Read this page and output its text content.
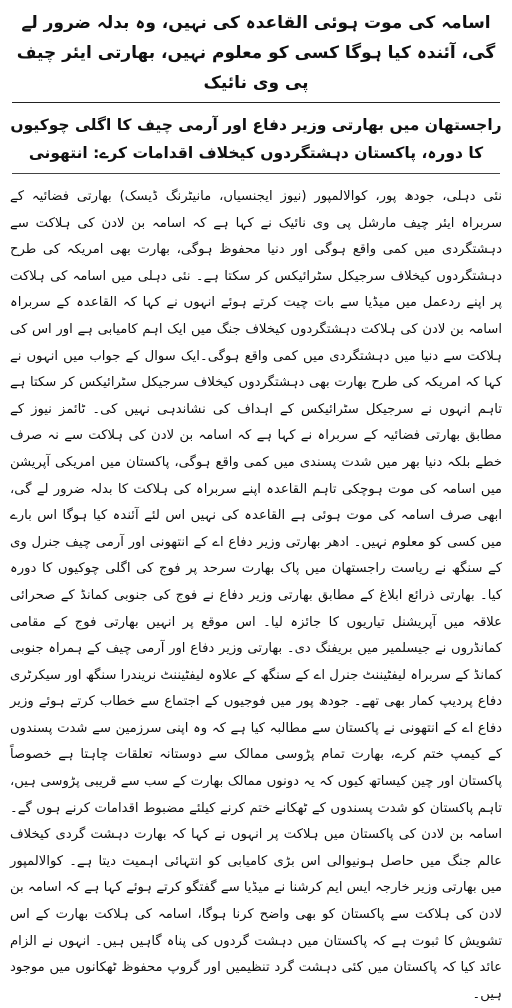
اسامہ کی موت ہوئی القاعدہ کی نہیں، وہ بدلہ ضرور لے گی، آئندہ کیا ہوگا کسی کو معلوم نہیں، بھارتی ایئر چیف پی وی نائیک
راجستھان میں بھارتی وزیر دفاع اور آرمی چیف کا اگلی چوکیوں کا دورہ، پاکستان دہشتگردوں کیخلاف اقدامات کرے: انتھونی

نئی دہلی، جودھ پور، کوالالمپور (نیوز ایجنسیاں، مانیٹرنگ ڈیسک) بھارتی فضائیہ کے سربراہ ایئر چیف مارشل پی وی نائیک نے کہا ہے کہ اسامہ بن لادن کی ہلاکت سے دہشتگردی میں کمی واقع ہوگی اور دنیا محفوظ ہوگی، بھارت بھی امریکہ کی طرح دہشتگردوں کیخلاف سرجیکل سٹرائیکس کر سکتا ہے۔ نئی دہلی میں اسامہ کی ہلاکت پر اپنے ردعمل میں میڈیا سے بات چیت کرتے ہوئے انہوں نے کہا کہ القاعدہ کے سربراہ اسامہ بن لادن کی ہلاکت دہشتگردوں کیخلاف جنگ میں ایک اہم کامیابی ہے اور اس کی ہلاکت سے دنیا میں دہشتگردی میں کمی واقع ہوگی۔ایک سوال کے جواب میں انہوں نے کہا کہ امریکہ کی طرح بھارت بھی دہشتگردوں کیخلاف سرجیکل سٹرائیکس کر سکتا ہے تاہم انہوں نے سرجیکل سٹرائیکس کے اہداف کی نشاندہی نہیں کی۔ ٹائمز نیوز کے مطابق بھارتی فضائیہ کے سربراہ نے کہا ہے کہ اسامہ بن لادن کی ہلاکت سے نہ صرف خطے بلکہ دنیا بھر میں شدت پسندی میں کمی واقع ہوگی، پاکستان میں امریکی آپریشن میں اسامہ کی موت ہوچکی تاہم القاعدہ اپنے سربراہ کی ہلاکت کا بدلہ ضرور لے گی، ابھی صرف اسامہ کی موت ہوئی ہے القاعدہ کی نہیں اس لئے آئندہ کیا ہوگا اس بارے میں کسی کو معلوم نہیں۔ ادھر بھارتی وزیر دفاع اے کے انتھونی اور آرمی چیف جنرل وی کے سنگھ نے ریاست راجستھان میں پاک بھارت سرحد پر فوج کی اگلی چوکیوں کا دورہ کیا۔ بھارتی ذرائع ابلاغ کے مطابق بھارتی وزیر دفاع نے فوج کی جنوبی کمانڈ کے صحرائی علاقہ میں آپریشنل تیاریوں کا جائزہ لیا۔ اس موقع پر انہیں بھارتی فوج کے مقامی کمانڈروں نے جیسلمیر میں بریفنگ دی۔ بھارتی وزیر دفاع اور آرمی چیف کے ہمراہ جنوبی کمانڈ کے سربراہ لیفٹیننٹ جنرل اے کے سنگھ کے علاوہ لیفٹیننٹ نریندرا سنگھ اور سیکرٹری دفاع پردیپ کمار بھی تھے۔ جودھ پور میں فوجیوں کے اجتماع سے خطاب کرتے ہوئے وزیر دفاع اے کے انتھونی نے پاکستان سے مطالبہ کیا ہے کہ وہ اپنی سرزمین سے شدت پسندوں کے کیمپ ختم کرے، بھارت تمام پڑوسی ممالک سے دوستانہ تعلقات چاہتا ہے خصوصاً پاکستان اور چین کیساتھ کیوں کہ یہ دونوں ممالک بھارت کے سب سے قریبی پڑوسی ہیں، تاہم پاکستان کو شدت پسندوں کے ٹھکانے ختم کرنے کیلئے مضبوط اقدامات کرنے ہوں گے۔ اسامہ بن لادن کی پاکستان میں ہلاکت پر انہوں نے کہا کہ بھارت دہشت گردی کیخلاف عالم جنگ میں حاصل ہونیوالی اس بڑی کامیابی کو انتہائی اہمیت دیتا ہے۔ کوالالمپور میں بھارتی وزیر خارجہ ایس ایم کرشنا نے میڈیا سے گفتگو کرتے ہوئے کہا ہے کہ اسامہ بن لادن کی ہلاکت سے پاکستان کو بھی واضح کرنا ہوگا، اسامہ کی ہلاکت بھارت کے اس تشویش کا ثبوت ہے کہ پاکستان میں دہشت گردوں کی پناہ گاہیں ہیں۔ انہوں نے الزام عائد کیا کہ پاکستان میں کئی دہشت گرد تنظیمیں اور گروپ محفوظ ٹھکانوں میں موجود ہیں۔
